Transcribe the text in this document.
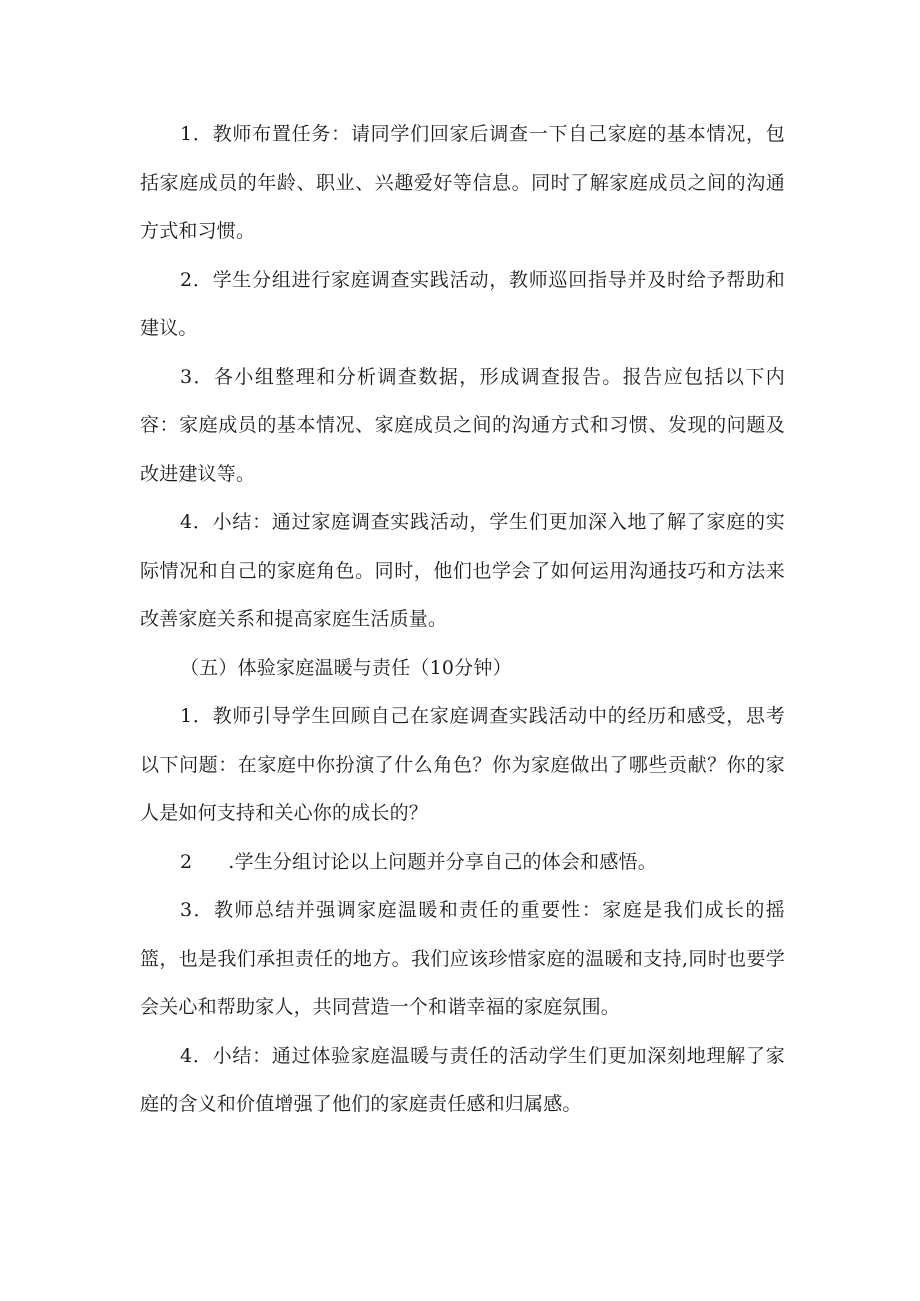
1．教师布置任务：请同学们回家后调查一下自己家庭的基本情况，包括家庭成员的年龄、职业、兴趣爱好等信息。同时了解家庭成员之间的沟通方式和习惯。

2．学生分组进行家庭调查实践活动，教师巡回指导并及时给予帮助和建议。

3．各小组整理和分析调查数据，形成调查报告。报告应包括以下内容：家庭成员的基本情况、家庭成员之间的沟通方式和习惯、发现的问题及改进建议等。

4．小结：通过家庭调查实践活动，学生们更加深入地了解了家庭的实际情况和自己的家庭角色。同时，他们也学会了如何运用沟通技巧和方法来改善家庭关系和提高家庭生活质量。

（五）体验家庭温暖与责任（10分钟）

1．教师引导学生回顾自己在家庭调查实践活动中的经历和感受，思考以下问题：在家庭中你扮演了什么角色？你为家庭做出了哪些贡献？你的家人是如何支持和关心你的成长的？

2 .学生分组讨论以上问题并分享自己的体会和感悟。

3．教师总结并强调家庭温暖和责任的重要性：家庭是我们成长的摇篮，也是我们承担责任的地方。我们应该珍惜家庭的温暖和支持,同时也要学会关心和帮助家人，共同营造一个和谐幸福的家庭氛围。

4．小结：通过体验家庭温暖与责任的活动学生们更加深刻地理解了家庭的含义和价值增强了他们的家庭责任感和归属感。
